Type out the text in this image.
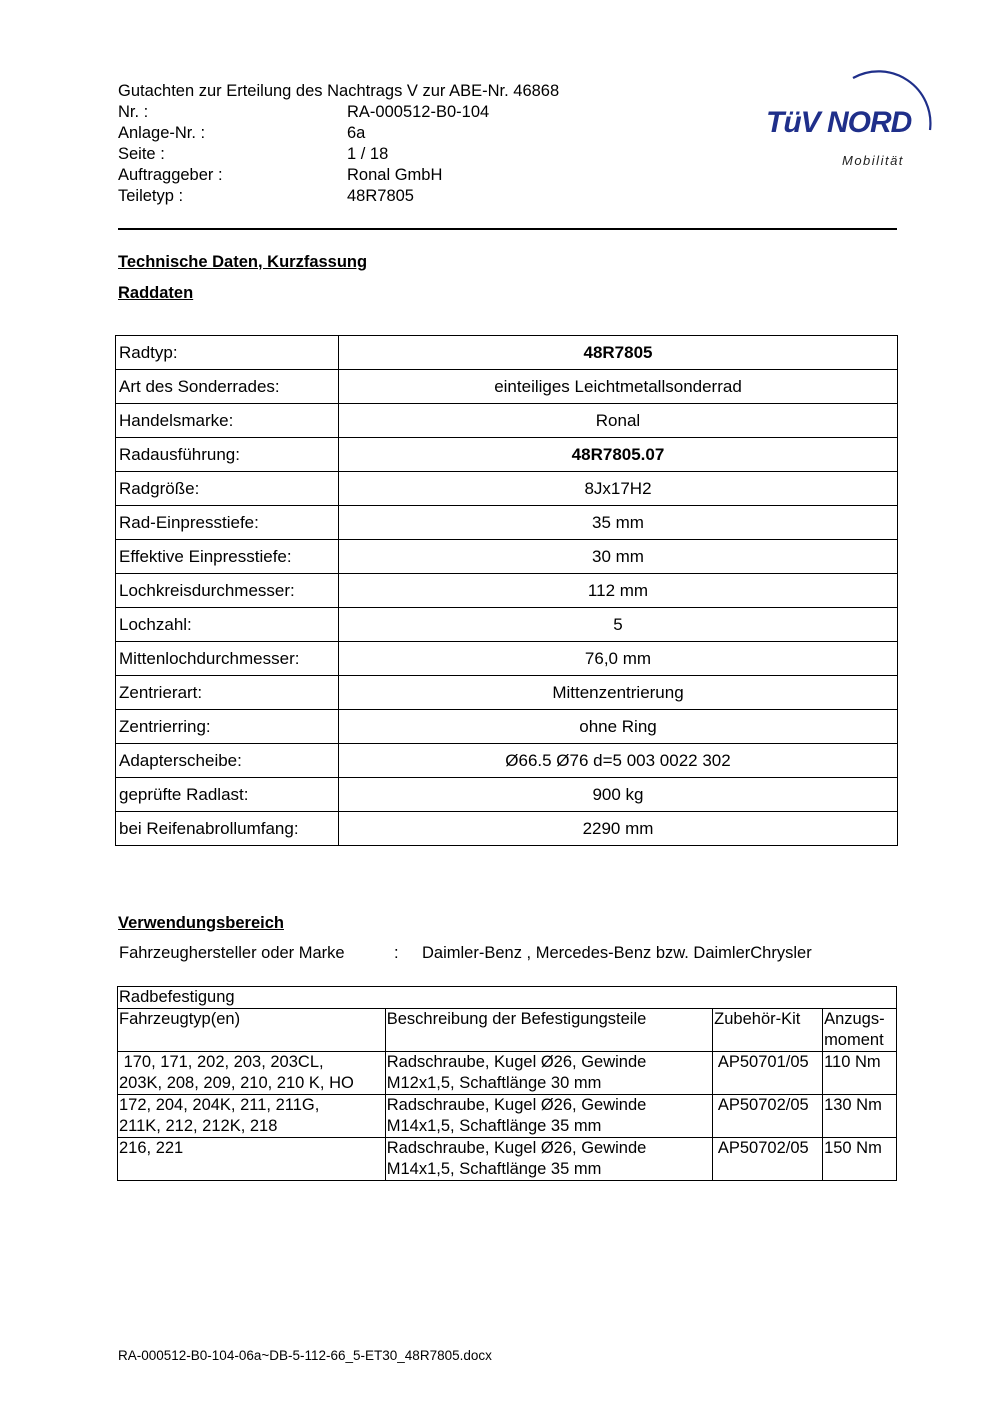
Gutachten zur Erteilung des Nachtrags V zur ABE-Nr. 46868
Nr. :	RA-000512-B0-104
Anlage-Nr. :	6a
Seite :	1 / 18
Auftraggeber :	Ronal GmbH
Teiletyp :	48R7805
TüV NORD
Mobilität
Technische Daten, Kurzfassung
Raddaten
Radtyp:	48R7805
Art des Sonderrades:	einteiliges Leichtmetallsonderrad
Handelsmarke:	Ronal
Radausführung:	48R7805.07
Radgröße:	8Jx17H2
Rad-Einpresstiefe:	35 mm
Effektive Einpresstiefe:	30 mm
Lochkreisdurchmesser:	112 mm
Lochzahl:	5
Mittenlochdurchmesser:	76,0 mm
Zentrierart:	Mittenzentrierung
Zentrierring:	ohne Ring
Adapterscheibe:	Ø66.5 Ø76 d=5 003 0022 302
geprüfte Radlast:	900 kg
bei Reifenabrollumfang:	2290 mm
Verwendungsbereich
Fahrzeughersteller oder Marke	: Daimler-Benz , Mercedes-Benz bzw. DaimlerChrysler
Radbefestigung			
Fahrzeugtyp(en)	Beschreibung der Befestigungsteile	Zubehör-Kit	Anzugs-
moment
170, 171, 202, 203, 203CL,
203K, 208, 209, 210, 210 K, HO	Radschraube, Kugel Ø26, Gewinde
M12x1,5, Schaftlänge 30 mm	AP50701/05	110 Nm
172, 204, 204K, 211, 211G,
211K, 212, 212K, 218	Radschraube, Kugel Ø26, Gewinde
M14x1,5, Schaftlänge 35 mm	AP50702/05	130 Nm
216, 221	Radschraube, Kugel Ø26, Gewinde
M14x1,5, Schaftlänge 35 mm	AP50702/05	150 Nm
RA-000512-B0-104-06a~DB-5-112-66_5-ET30_48R7805.docx
